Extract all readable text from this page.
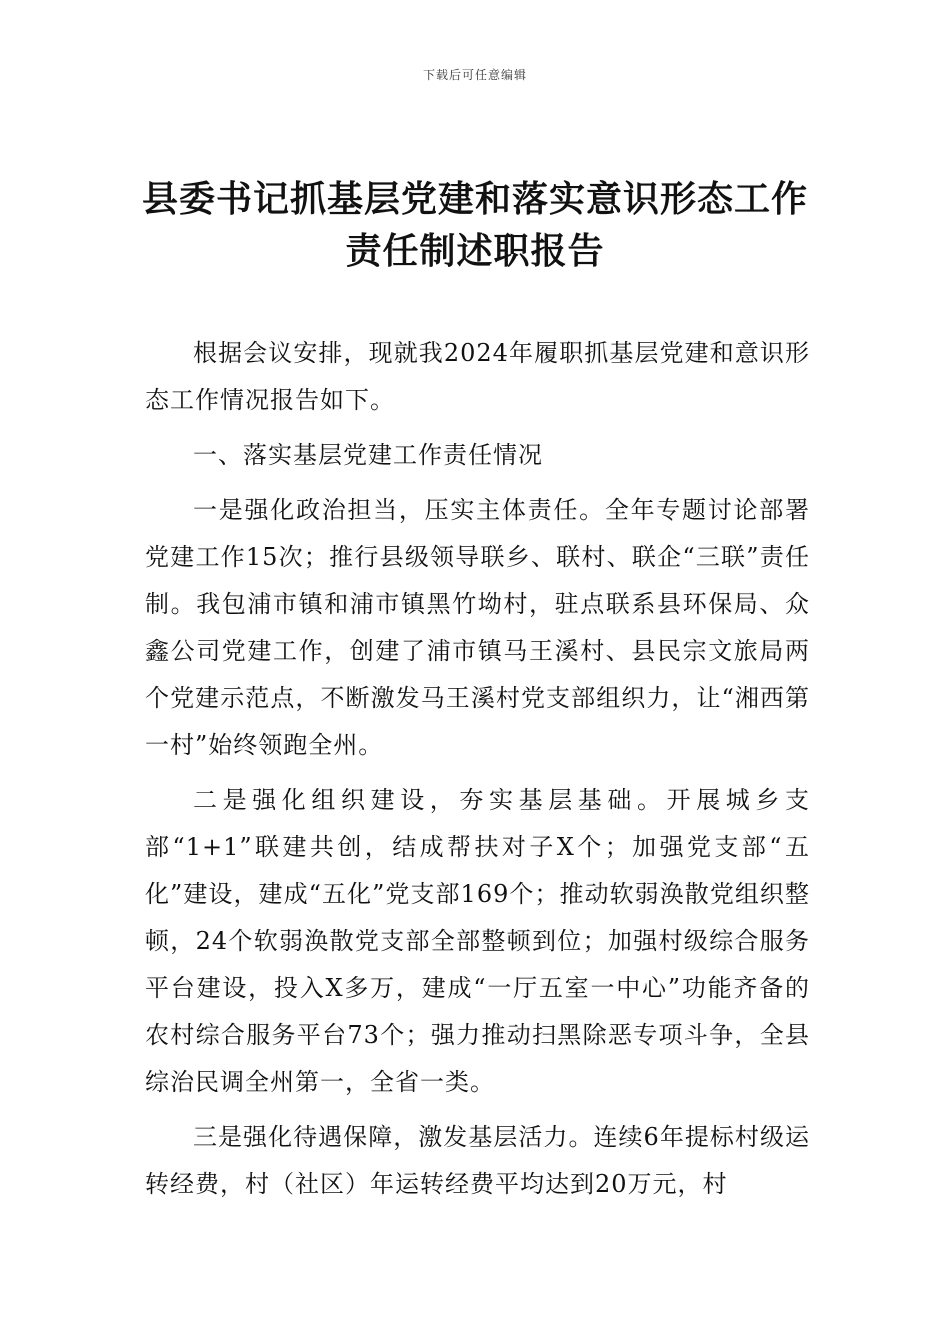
下载后可任意编辑
县委书记抓基层党建和落实意识形态工作
责任制述职报告

根据会议安排，现就我2024年履职抓基层党建和意识形态工作情况报告如下。

一、落实基层党建工作责任情况

一是强化政治担当，压实主体责任。全年专题讨论部署党建工作15次；推行县级领导联乡、联村、联企“三联”责任制。我包浦市镇和浦市镇黑竹坳村，驻点联系县环保局、众鑫公司党建工作，创建了浦市镇马王溪村、县民宗文旅局两个党建示范点，不断激发马王溪村党支部组织力，让“湘西第一村”始终领跑全州。

二是强化组织建设，夯实基层基础。开展城乡支部“1+1”联建共创，结成帮扶对子X个；加强党支部“五化”建设，建成“五化”党支部169个；推动软弱涣散党组织整顿，24个软弱涣散党支部全部整顿到位；加强村级综合服务平台建设，投入X多万，建成“一厅五室一中心”功能齐备的农村综合服务平台73个；强力推动扫黑除恶专项斗争，全县综治民调全州第一，全省一类。

三是强化待遇保障，激发基层活力。连续6年提标村级运转经费，村（社区）年运转经费平均达到20万元，村
